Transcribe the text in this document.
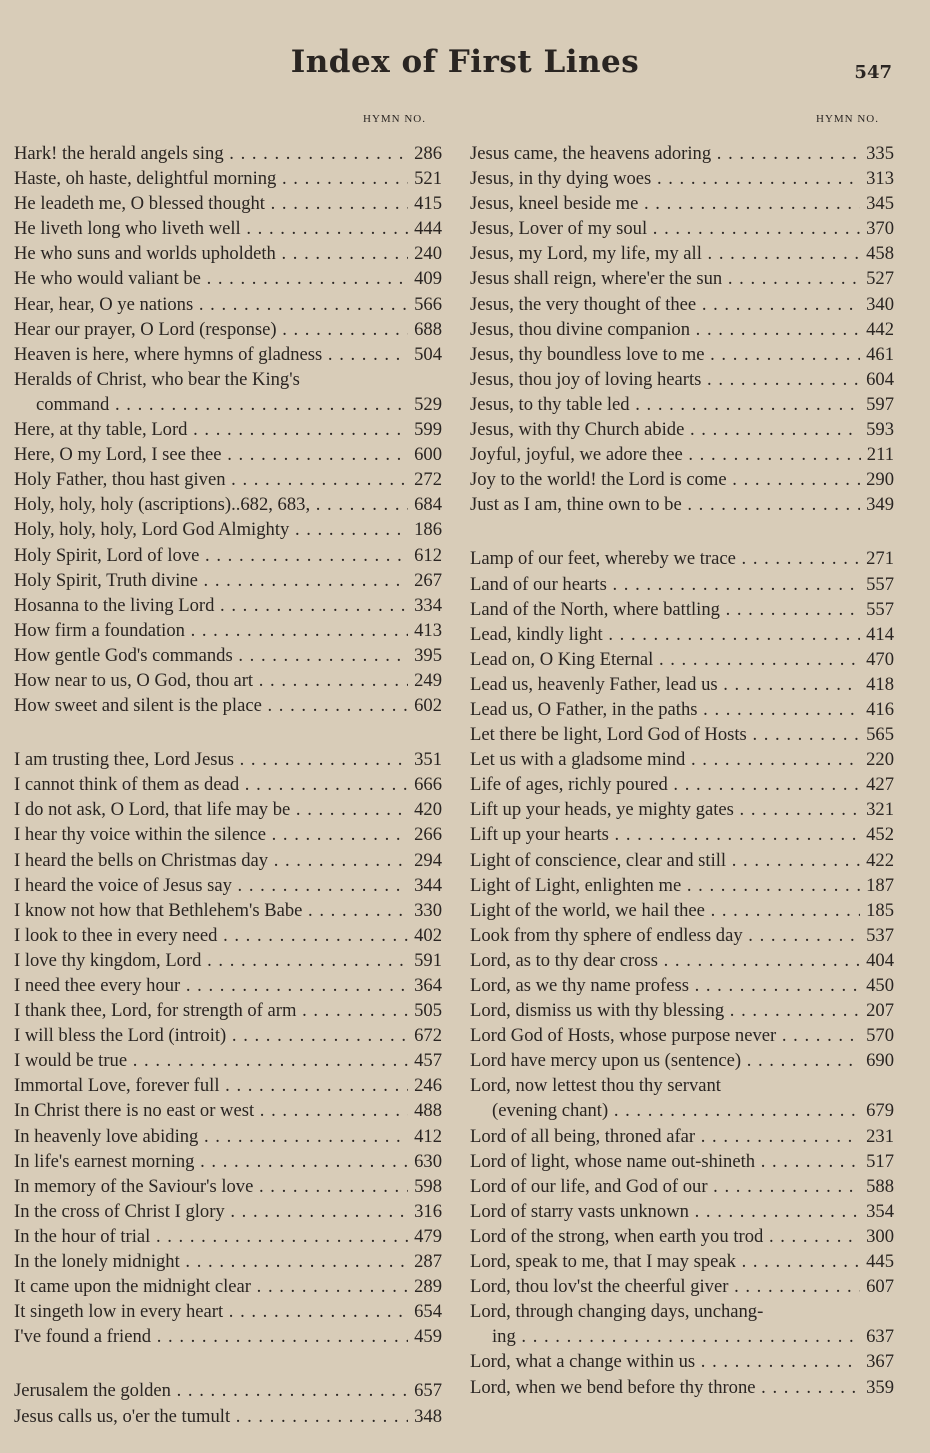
Index of First Lines	547
HYMN NO.	HYMN NO.
Hark! the herald angels sing . . .	286
Haste, oh haste, delightful morning . . .	521
He leadeth me, O blessed thought . . .	415
He liveth long who liveth well . . .	444
He who suns and worlds upholdeth . . .	240
He who would valiant be . . .	409
Hear, hear, O ye nations . . .	566
Hear our prayer, O Lord (response) . . .	688
Heaven is here, where hymns of gladness . . .	504
Heralds of Christ, who bear the King's
command . . .	529
Here, at thy table, Lord . . .	599
Here, O my Lord, I see thee . . .	600
Holy Father, thou hast given . . .	272
Holy, holy, holy (ascriptions)..682, 683, . . .	684
Holy, holy, holy, Lord God Almighty . . .	186
Holy Spirit, Lord of love . . .	612
Holy Spirit, Truth divine . . .	267
Hosanna to the living Lord . . .	334
How firm a foundation . . .	413
How gentle God's commands . . .	395
How near to us, O God, thou art . . .	249
How sweet and silent is the place . . .	602
I am trusting thee, Lord Jesus . . .	351
I cannot think of them as dead . . .	666
I do not ask, O Lord, that life may be . . .	420
I hear thy voice within the silence . . .	266
I heard the bells on Christmas day . . .	294
I heard the voice of Jesus say . . .	344
I know not how that Bethlehem's Babe . . .	330
I look to thee in every need . . .	402
I love thy kingdom, Lord . . .	591
I need thee every hour . . .	364
I thank thee, Lord, for strength of arm . . .	505
I will bless the Lord (introit) . . .	672
I would be true . . .	457
Immortal Love, forever full . . .	246
In Christ there is no east or west . . .	488
In heavenly love abiding . . .	412
In life's earnest morning . . .	630
In memory of the Saviour's love . . .	598
In the cross of Christ I glory . . .	316
In the hour of trial . . .	479
In the lonely midnight . . .	287
It came upon the midnight clear . . .	289
It singeth low in every heart . . .	654
I've found a friend . . .	459
Jerusalem the golden . . .	657
Jesus calls us, o'er the tumult . . .	348
Jesus came, the heavens adoring . . .	335
Jesus, in thy dying woes . . .	313
Jesus, kneel beside me . . .	345
Jesus, Lover of my soul . . .	370
Jesus, my Lord, my life, my all . . .	458
Jesus shall reign, where'er the sun . . .	527
Jesus, the very thought of thee . . .	340
Jesus, thou divine companion . . .	442
Jesus, thy boundless love to me . . .	461
Jesus, thou joy of loving hearts . . .	604
Jesus, to thy table led . . .	597
Jesus, with thy Church abide . . .	593
Joyful, joyful, we adore thee . . .	211
Joy to the world! the Lord is come . . .	290
Just as I am, thine own to be . . .	349
Lamp of our feet, whereby we trace . . .	271
Land of our hearts . . .	557
Land of the North, where battling . . .	557
Lead, kindly light . . .	414
Lead on, O King Eternal . . .	470
Lead us, heavenly Father, lead us . . .	418
Lead us, O Father, in the paths . . .	416
Let there be light, Lord God of Hosts . . .	565
Let us with a gladsome mind . . .	220
Life of ages, richly poured . . .	427
Lift up your heads, ye mighty gates . . .	321
Lift up your hearts . . .	452
Light of conscience, clear and still . . .	422
Light of Light, enlighten me . . .	187
Light of the world, we hail thee . . .	185
Look from thy sphere of endless day . . .	537
Lord, as to thy dear cross . . .	404
Lord, as we thy name profess . . .	450
Lord, dismiss us with thy blessing . . .	207
Lord God of Hosts, whose purpose never . . .	570
Lord have mercy upon us (sentence) . . .	690
Lord, now lettest thou thy servant
(evening chant) . . .	679
Lord of all being, throned afar . . .	231
Lord of light, whose name out-shineth . . .	517
Lord of our life, and God of our . . .	588
Lord of starry vasts unknown . . .	354
Lord of the strong, when earth you trod . . .	300
Lord, speak to me, that I may speak . . .	445
Lord, thou lov'st the cheerful giver . . .	607
Lord, through changing days, unchang-
ing . . .	637
Lord, what a change within us . . .	367
Lord, when we bend before thy throne . . .	359
